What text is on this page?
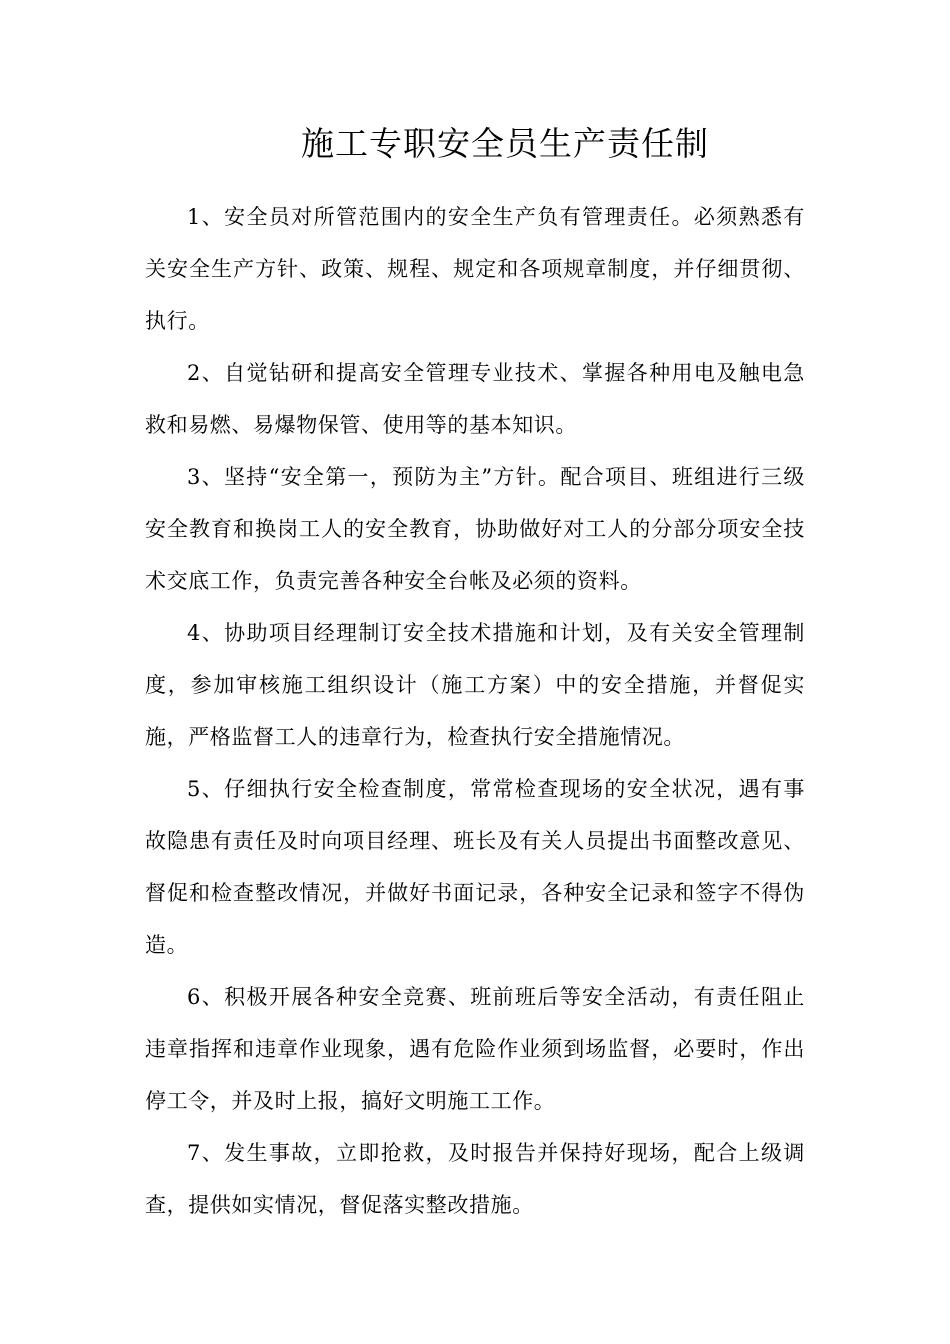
施工专职安全员生产责任制

1、安全员对所管范围内的安全生产负有管理责任。必须熟悉有关安全生产方针、政策、规程、规定和各项规章制度，并仔细贯彻、执行。

2、自觉钻研和提高安全管理专业技术、掌握各种用电及触电急救和易燃、易爆物保管、使用等的基本知识。

3、坚持“安全第一，预防为主”方针。配合项目、班组进行三级安全教育和换岗工人的安全教育，协助做好对工人的分部分项安全技术交底工作，负责完善各种安全台帐及必须的资料。

4、协助项目经理制订安全技术措施和计划，及有关安全管理制度，参加审核施工组织设计（施工方案）中的安全措施，并督促实施，严格监督工人的违章行为，检查执行安全措施情况。

5、仔细执行安全检查制度，常常检查现场的安全状况，遇有事故隐患有责任及时向项目经理、班长及有关人员提出书面整改意见、督促和检查整改情况，并做好书面记录，各种安全记录和签字不得伪造。

6、积极开展各种安全竞赛、班前班后等安全活动，有责任阻止违章指挥和违章作业现象，遇有危险作业须到场监督，必要时，作出停工令，并及时上报，搞好文明施工工作。

7、发生事故，立即抢救，及时报告并保持好现场，配合上级调查，提供如实情况，督促落实整改措施。
